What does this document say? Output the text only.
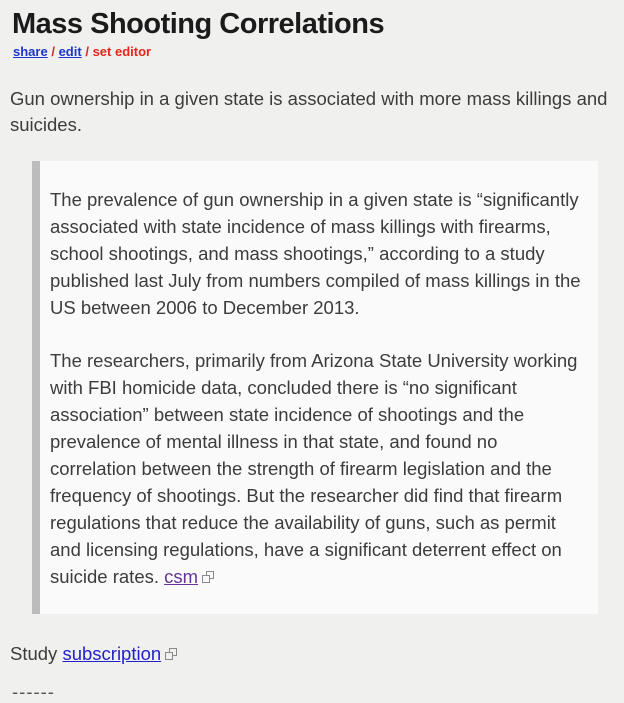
Mass Shooting Correlations
share / edit / set editor

Gun ownership in a given state is associated with more mass killings and suicides.

The prevalence of gun ownership in a given state is “significantly associated with state incidence of mass killings with firearms, school shootings, and mass shootings,” according to a study published last July from numbers compiled of mass killings in the US between 2006 to December 2013.

The researchers, primarily from Arizona State University working with FBI homicide data, concluded there is “no significant association” between state incidence of shootings and the prevalence of mental illness in that state, and found no correlation between the strength of firearm legislation and the frequency of shootings. But the researcher did find that firearm regulations that reduce the availability of guns, such as permit and licensing regulations, have a significant deterrent effect on suicide rates. csm

Study subscription

------
